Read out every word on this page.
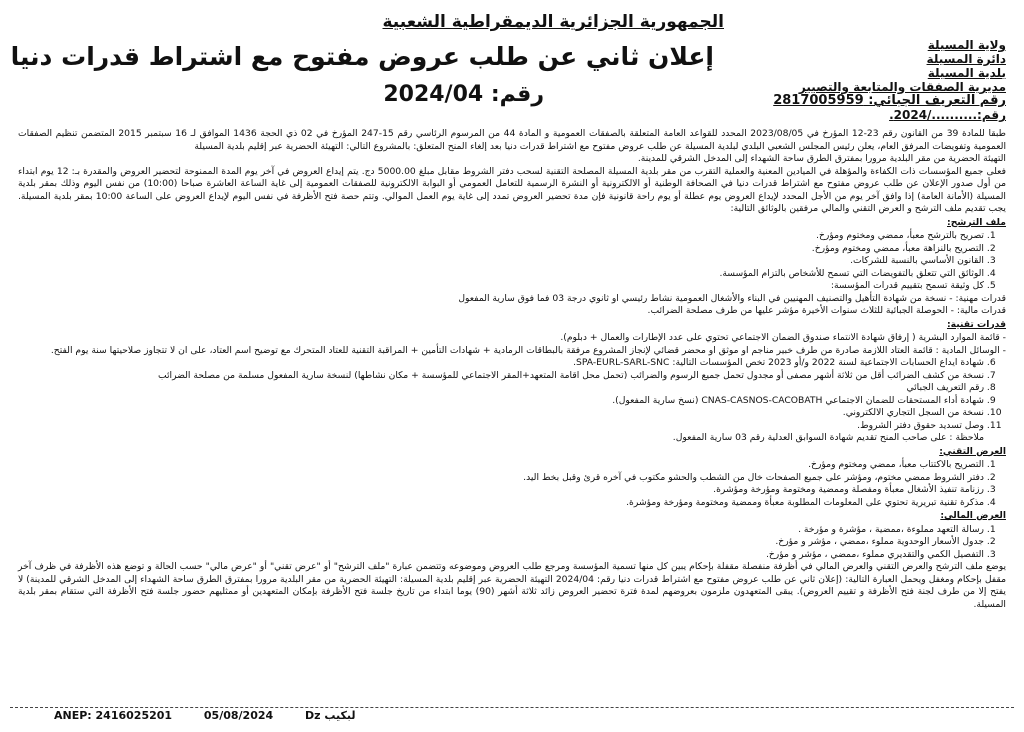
الجمهورية الجزائرية الديمقراطية الشعبية
إعلان ثاني عن طلب عروض مفتوح مع اشتراط قدرات دنيا
رقم: 2024/04
ولاية المسيلة
دائرة المسيلة
بلدية المسيلة
مديرية الصفقات والمتابعة والتصيير
رقم التعريف الجبائي: 2817005959
رقم:........../2024.

طبقا للمادة 39 من القانون رقم 23-12 المؤرخ في 2023/08/05 المحدد للقواعد العامة المتعلقة بالصفقات العمومية و المادة 44 من المرسوم الرئاسي رقم 15-247 المؤرخ في 02 ذي الحجة 1436 الموافق لـ 16 سبتمبر 2015 المتضمن تنظيم الصفقات العمومية وتفويضات المرفق العام، يعلن رئيس المجلس الشعبي البلدي لبلدية المسيلة عن طلب عروض مفتوح مع اشتراط قدرات دنيا بعد إلغاء المنح المتعلق: بالمشروع التالي: التهيئة الحضرية عبر إقليم بلدية المسيلة

التهيئة الحضرية من مقر البلدية مرورا بمفترق الطرق ساحة الشهداء إلى المدخل الشرقي للمدينة.

فعلى جميع المؤسسات ذات الكفاءة والمؤهلة في الميادين المعنية والعملية التقرب من مقر بلدية المسيلة المصلحة التقنية لسحب دفتر الشروط مقابل مبلغ 5000.00 دج. يتم إيداع العروض في آخر يوم المدة الممنوحة لتحضير العروض والمقدرة بـ: 12 يوم ابتداء من أول صدور الإعلان عن طلب عروض مفتوح مع اشتراط قدرات دنيا في الصحافة الوطنية أو الالكترونية أو النشرة الرسمية للتعامل العمومي أو البوابة الالكترونية للصفقات العمومية إلى غاية الساعة العاشرة صباحا (10:00) من نفس اليوم وذلك بمقر بلدية المسيلة (الأمانة العامة) إذا وافق آخر يوم من الأجل المحدد لإيداع العروض يوم عطلة أو يوم راحة قانونية فإن مدة تحضير العروض تمدد إلى غاية يوم العمل الموالي. وتتم حصة فتح الأظرفة في نفس اليوم لإيداع العروض على الساعة 10:00 بمقر بلدية المسيلة. يجب تقديم ملف الترشح و العرض التقني والمالي مرفقين بالوثائق التالية:

ملف الترشح:
1. تصريح بالترشح معبأ، ممضي ومختوم ومؤرخ.
2. التصريح بالنزاهة معبأ، ممضي ومختوم ومؤرخ.
3. القانون الأساسي بالنسبة للشركات.
4. الوثائق التي تتعلق بالتفويضات التي تسمح للأشخاص بالتزام المؤسسة.
5. كل وثيقة تسمح بتقييم قدرات المؤسسة:

قدرات مهنية: - نسخة من شهادة التأهيل والتصنيف المهنيين في البناء والأشغال العمومية نشاط رئيسي او ثانوي درجة 03 فما فوق سارية المفعول

قدرات مالية: - الحوصلة الجبائية للثلاث سنوات الأخيرة مؤشر عليها من طرف مصلحة الضرائب.

قدرات تقنية:

- قائمة الموارد البشرية ( إرفاق شهادة الانتماء صندوق الضمان الاجتماعي تحتوي على عدد الإطارات والعمال + دبلوم).

- الوسائل المادية : قائمة العتاد اللازمة صادرة من طرف خبير مناجم او موثق او محضر قضائي لإنجاز المشروع مرفقة بالبطاقات الرمادية + شهادات التأمين + المراقبة التقنية للعتاد المتحرك مع توضيح اسم العتاد، على ان لا تتجاوز صلاحيتها سنة يوم الفتح.

6. شهادة ايداع الحسابات الاجتماعية لسنة 2022 و/أو 2023 تخص المؤسسات التالية: SPA-EURL-SARL-SNC.
7. نسخة من كشف الضرائب أقل من ثلاثة أشهر مصفى أو مجدول تحمل جميع الرسوم والضرائب (تحمل محل اقامة المتعهد+المقر الاجتماعي للمؤسسة + مكان نشاطها) لنسخة سارية المفعول مسلمة من مصلحة الضرائب
8. رقم التعريف الجبائي
9. شهادة أداء المستحقات للضمان الاجتماعي CNAS-CASNOS-CACOBATH (نسخ سارية المفعول).
10. نسخة من السجل التجاري الالكتروني.
11. وصل تسديد حقوق دفتر الشروط.

ملاحظة : على صاحب المنح تقديم شهادة السوابق العدلية رقم 03 سارية المفعول.

العرض التقني:
1. التصريح بالاكتتاب معبأ، ممضي ومختوم ومؤرخ.
2. دفتر الشروط ممضي مختوم، ومؤشر على جميع الصفحات خال من الشطب والحشو مكتوب في آخره قرئ وقبل بخط اليد.
3. رزنامة تنفيذ الأشغال معبأة ومفصلة وممضية ومختومة ومؤرخة ومؤشرة.
4. مذكرة تقنية تبريرية تحتوي على المعلومات المطلوبة معبأة وممضية ومختومة ومؤرخة ومؤشرة.
العرض المالي:
1. رسالة التعهد مملوءة ،ممضية ، مؤشرة و مؤرخة .
2. جدول الأسعار الوحدوية مملوء ،ممضي ، مؤشر و مؤرخ.
3. التفصيل الكمي والتقديري مملوء ،ممضي ، مؤشر و مؤرخ.

يوضع ملف الترشح والعرض التقني والعرض المالي في أظرفة منفصلة مقفلة بإحكام يبين كل منها تسمية المؤسسة ومرجع طلب العروض وموضوعه وتتضمن عبارة "ملف الترشح" أو "عرض تقني" أو "عرض مالي" حسب الحالة و توضع هذه الأظرفة في ظرف آخر مقفل بإحكام ومغفل ويحمل العبارة التالية: (إعلان ثاني عن طلب عروض مفتوح مع اشتراط قدرات دنيا رقم: 2024/04 التهيئة الحضرية عبر إقليم بلدية المسيلة: التهيئة الحضرية من مقر البلدية مرورا بمفترق الطرق ساحة الشهداء إلى المدخل الشرقي للمدينة) لا يفتح إلا من طرف لجنة فتح الأظرفة و تقييم العروض). يبقى المتعهدون ملزمون بعروضهم لمدة فترة تحضير العروض زائد ثلاثة أشهر (90) يوما ابتداء من تاريخ جلسة فتح الأظرفة بإمكان المتعهدين أو ممثليهم حضور جلسة فتح الأظرفة التي ستقام بمقر بلدية المسيلة.

ANEP: 2416025201	05/08/2024	Dz لبكيب
